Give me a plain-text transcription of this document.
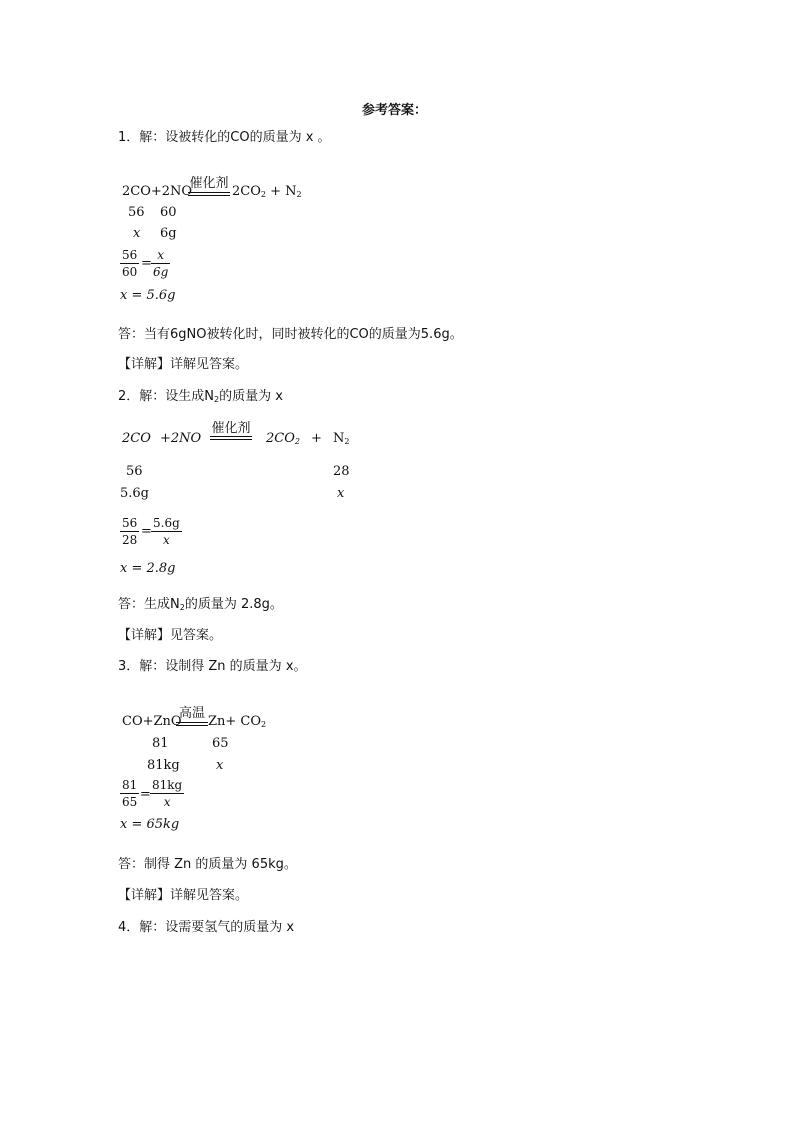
参考答案：
1．解：设被转化的CO的质量为 x 。
2CO+2NO
催化剂
$2CO_2 + N_2$
56 60
x 6g
$\frac{56}{60} = \frac{x}{6g}$
x = 5.6g
答：当有6gNO被转化时，同时被转化的CO的质量为5.6g。
【详解】详解见答案。
2．解：设生成$N_2$的质量为 x
2CO +2NO
催化剂
$2CO_2 + N_2$
56	28
5.6g	x
$\frac{56}{28} = \frac{5.6g}{x}$
x = 2.8g
答：生成$N_2$的质量为 2.8g。
【详解】见答案。
3．解：设制得 Zn 的质量为 x。
CO+ZnO
高温
$Zn+ CO_2$
81	65
81kg	x
$\frac{81}{65} = \frac{81kg}{x}$
x = 65kg
答：制得 Zn 的质量为 65kg。
【详解】详解见答案。
4．解：设需要氢气的质量为 x
